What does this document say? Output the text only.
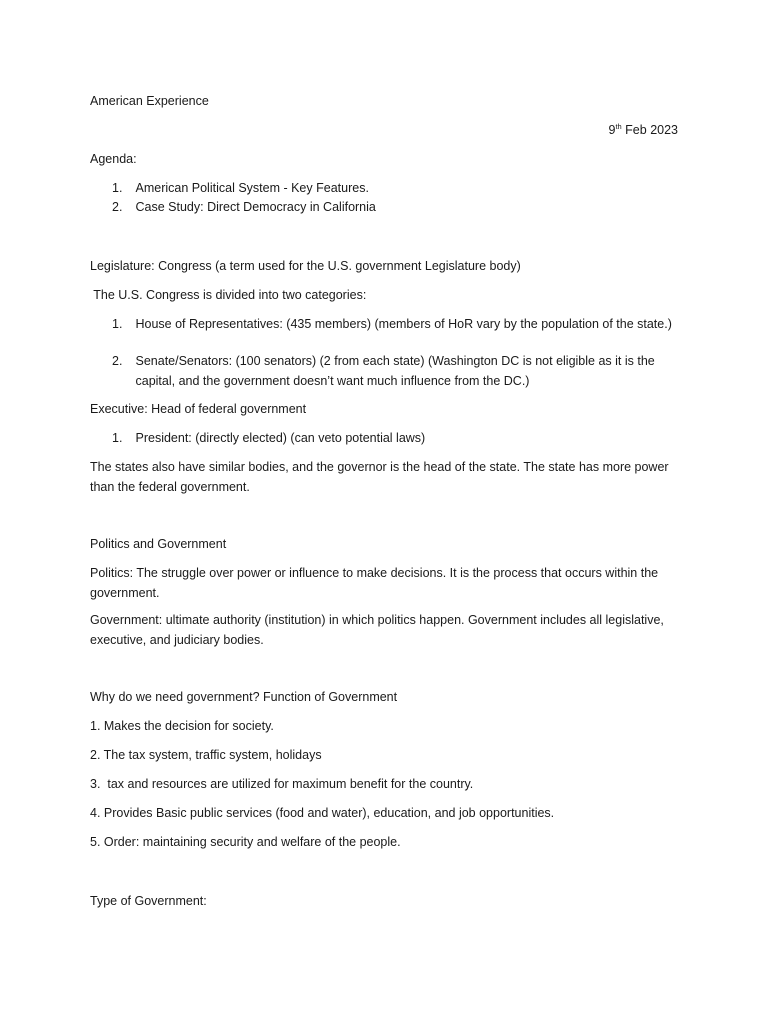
American Experience
9th Feb 2023
Agenda:
1. American Political System - Key Features.
2. Case Study: Direct Democracy in California
Legislature: Congress (a term used for the U.S. government Legislature body)
The U.S. Congress is divided into two categories:
1. House of Representatives: (435 members) (members of HoR vary by the population of the state.)
2. Senate/Senators: (100 senators) (2 from each state) (Washington DC is not eligible as it is the capital, and the government doesn’t want much influence from the DC.)
Executive: Head of federal government
1. President: (directly elected) (can veto potential laws)
The states also have similar bodies, and the governor is the head of the state. The state has more power than the federal government.
Politics and Government
Politics: The struggle over power or influence to make decisions. It is the process that occurs within the government.
Government: ultimate authority (institution) in which politics happen. Government includes all legislative, executive, and judiciary bodies.
Why do we need government? Function of Government
1. Makes the decision for society.
2. The tax system, traffic system, holidays
3.  tax and resources are utilized for maximum benefit for the country.
4. Provides Basic public services (food and water), education, and job opportunities.
5. Order: maintaining security and welfare of the people.
Type of Government:
